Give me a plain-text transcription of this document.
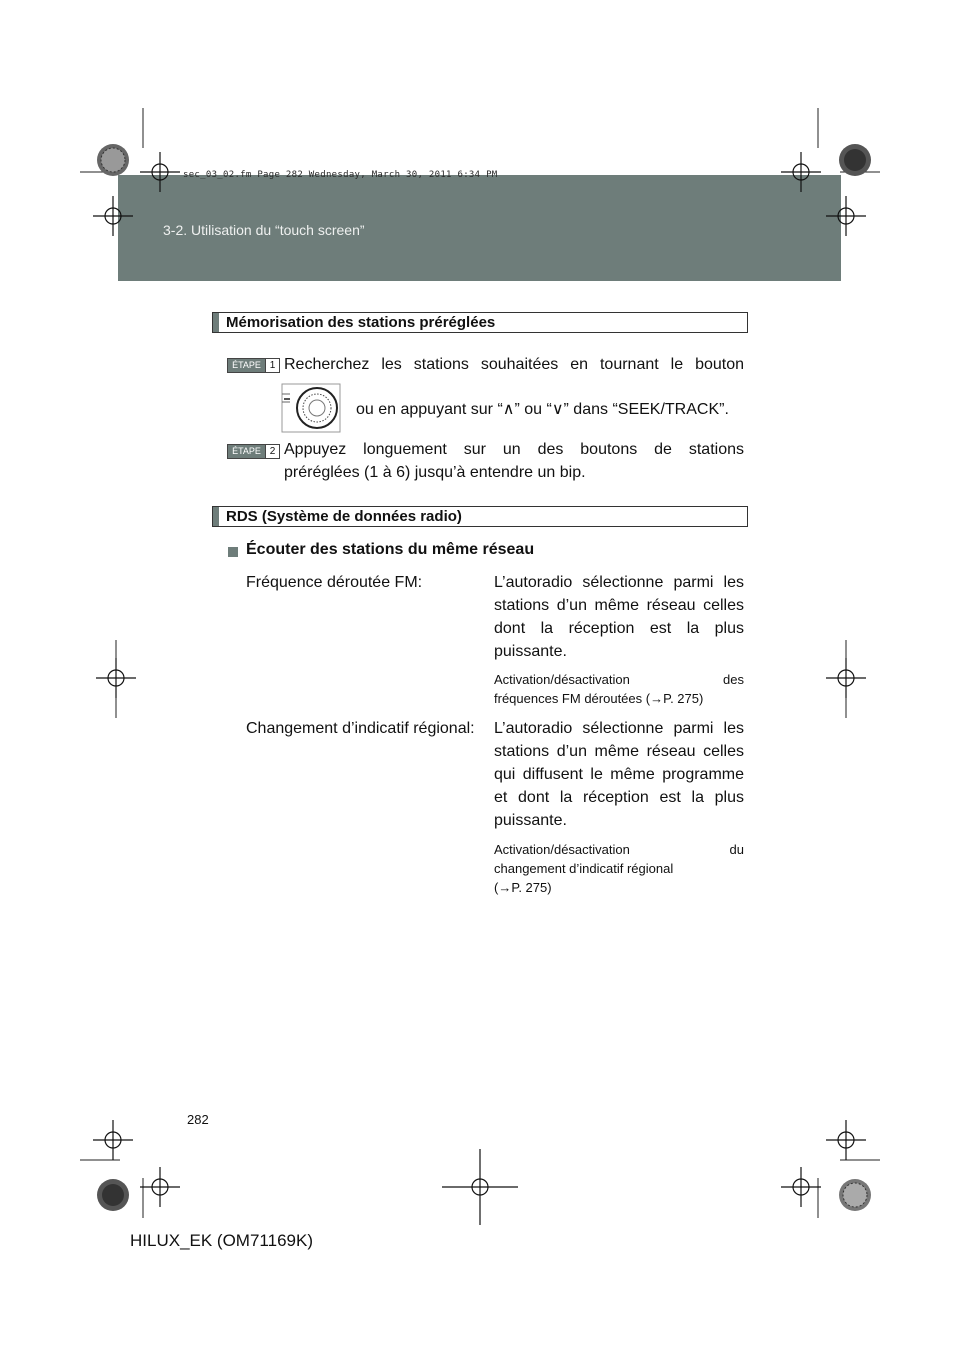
3-2. Utilisation du “touch screen”
sec_03_02.fm Page 282 Wednesday, March 30, 2011 6:34 PM
Mémorisation des stations préréglées
ÉTAPE 1 Recherchez les stations souhaitées en tournant le bouton
ou en appuyant sur “∧” ou “∨” dans “SEEK/TRACK”.
ÉTAPE 2 Appuyez longuement sur un des boutons de stations
préréglées (1 à 6) jusqu’à entendre un bip.
RDS (Système de données radio)
Écouter des stations du même réseau
Fréquence déroutée FM:	L’autoradio sélectionne parmi les
stations d’un même réseau celles
dont la réception est la plus
puissante.
Activation/désactivation des
fréquences FM déroutées (→P. 275)
Changement d’indicatif régional: L’autoradio sélectionne parmi les
stations d’un même réseau celles
qui diffusent le même programme
et dont la réception est la plus
puissante.
Activation/désactivation du
changement d’indicatif régional
(→P. 275)
282
HILUX_EK (OM71169K)
